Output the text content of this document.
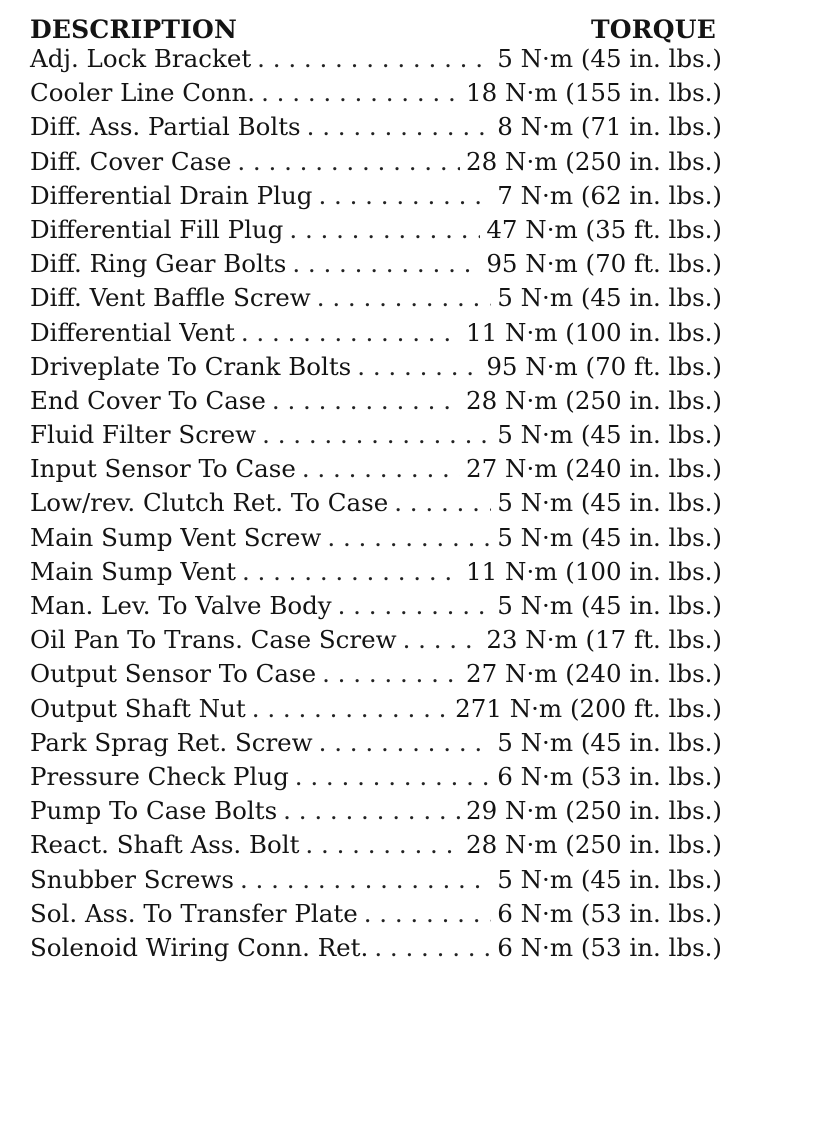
DESCRIPTION	TORQUE
Adj. Lock Bracket . . .	5 N·m (45 in. lbs.)
Cooler Line Conn. . . .	18 N·m (155 in. lbs.)
Diff. Ass. Partial Bolts . . .	8 N·m (71 in. lbs.)
Diff. Cover Case . . .	28 N·m (250 in. lbs.)
Differential Drain Plug . . .	7 N·m (62 in. lbs.)
Differential Fill Plug . . .	47 N·m (35 ft. lbs.)
Diff. Ring Gear Bolts . . .	95 N·m (70 ft. lbs.)
Diff. Vent Baffle Screw . . .	5 N·m (45 in. lbs.)
Differential Vent . . .	11 N·m (100 in. lbs.)
Driveplate To Crank Bolts . . .	95 N·m (70 ft. lbs.)
End Cover To Case . . .	28 N·m (250 in. lbs.)
Fluid Filter Screw . . .	5 N·m (45 in. lbs.)
Input Sensor To Case . . .	27 N·m (240 in. lbs.)
Low/rev. Clutch Ret. To Case . . .	5 N·m (45 in. lbs.)
Main Sump Vent Screw . . .	5 N·m (45 in. lbs.)
Main Sump Vent . . .	11 N·m (100 in. lbs.)
Man. Lev. To Valve Body . . .	5 N·m (45 in. lbs.)
Oil Pan To Trans. Case Screw . . .	23 N·m (17 ft. lbs.)
Output Sensor To Case . . .	27 N·m (240 in. lbs.)
Output Shaft Nut . . .	271 N·m (200 ft. lbs.)
Park Sprag Ret. Screw . . .	5 N·m (45 in. lbs.)
Pressure Check Plug . . .	6 N·m (53 in. lbs.)
Pump To Case Bolts . . .	29 N·m (250 in. lbs.)
React. Shaft Ass. Bolt . . .	28 N·m (250 in. lbs.)
Snubber Screws . . .	5 N·m (45 in. lbs.)
Sol. Ass. To Transfer Plate . . .	6 N·m (53 in. lbs.)
Solenoid Wiring Conn. Ret. . . .	6 N·m (53 in. lbs.)
